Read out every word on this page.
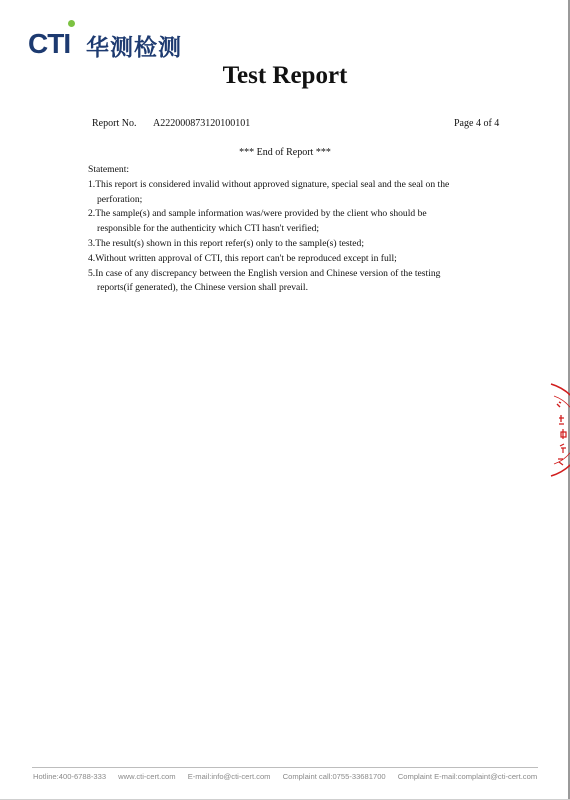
CTI 华测检测
Test Report
Report No. A222000873120100101	Page 4 of 4
*** End of Report ***

Statement:

1.This report is considered invalid without approved signature, special seal and the seal on the perforation;
2.The sample(s) and sample information was/were provided by the client who should be responsible for the authenticity which CTI hasn't verified;
3.The result(s) shown in this report refer(s) only to the sample(s) tested;
4.Without written approval of CTI, this report can't be reproduced except in full;
5.In case of any discrepancy between the English version and Chinese version of the testing reports(if generated), the Chinese version shall prevail.
Hotline:400-6788-333 www.cti-cert.com E-mail:info@cti-cert.com Complaint call:0755-33681700 Complaint E-mail:complaint@cti-cert.com
